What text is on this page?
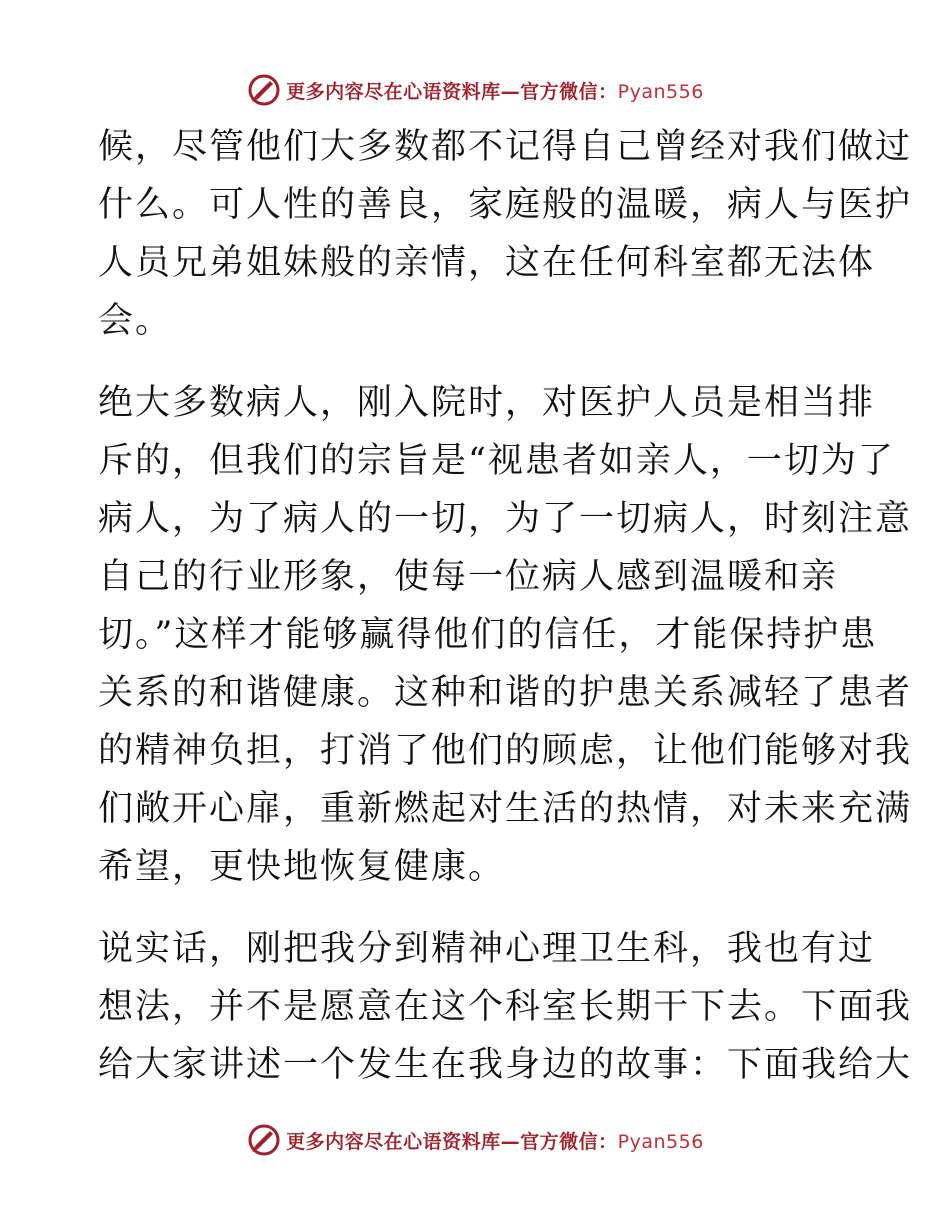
更多内容尽在心语资料库—官方微信：Pyan556
候，尽管他们大多数都不记得自己曾经对我们做过
什么。可人性的善良，家庭般的温暖，病人与医护
人员兄弟姐妹般的亲情，这在任何科室都无法体
会。
绝大多数病人，刚入院时，对医护人员是相当排
斥的，但我们的宗旨是“视患者如亲人，一切为了
病人，为了病人的一切，为了一切病人，时刻注意
自己的行业形象，使每一位病人感到温暖和亲
切。”这样才能够赢得他们的信任，才能保持护患
关系的和谐健康。这种和谐的护患关系减轻了患者
的精神负担，打消了他们的顾虑，让他们能够对我
们敞开心扉，重新燃起对生活的热情，对未来充满
希望，更快地恢复健康。
说实话，刚把我分到精神心理卫生科，我也有过
想法，并不是愿意在这个科室长期干下去。下面我
给大家讲述一个发生在我身边的故事：下面我给大
更多内容尽在心语资料库—官方微信：Pyan556
